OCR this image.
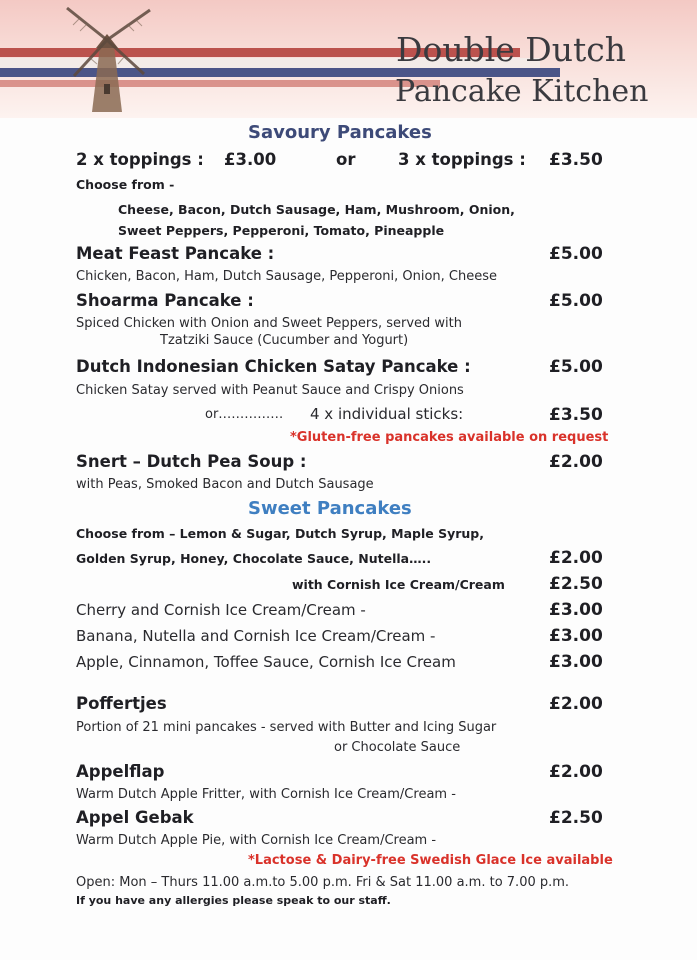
Double Dutch
Pancake Kitchen
Savoury Pancakes
2 x toppings : £3.00	or	3 x toppings : £3.50
Choose from -
Cheese, Bacon, Dutch Sausage, Ham, Mushroom, Onion,
Sweet Peppers, Pepperoni, Tomato, Pineapple
Meat Feast Pancake :	£5.00
Chicken, Bacon, Ham, Dutch Sausage, Pepperoni, Onion, Cheese
Shoarma Pancake :	£5.00
Spiced Chicken with Onion and Sweet Peppers, served with
Tzatziki Sauce (Cucumber and Yogurt)
Dutch Indonesian Chicken Satay Pancake :	£5.00
Chicken Satay served with Peanut Sauce and Crispy Onions
or…………… 4 x individual sticks:	£3.50
*Gluten-free pancakes available on request
Snert – Dutch Pea Soup :	£2.00
with Peas, Smoked Bacon and Dutch Sausage
Sweet Pancakes
Choose from – Lemon & Sugar, Dutch Syrup, Maple Syrup,
Golden Syrup, Honey, Chocolate Sauce, Nutella…..	£2.00
with Cornish Ice Cream/Cream	£2.50
Cherry and Cornish Ice Cream/Cream -	£3.00
Banana, Nutella and Cornish Ice Cream/Cream -	£3.00
Apple, Cinnamon, Toffee Sauce, Cornish Ice Cream	£3.00
Poffertjes	£2.00
Portion of 21 mini pancakes - served with Butter and Icing Sugar
or Chocolate Sauce
Appelflap	£2.00
Warm Dutch Apple Fritter, with Cornish Ice Cream/Cream -
Appel Gebak	£2.50
Warm Dutch Apple Pie, with Cornish Ice Cream/Cream -
*Lactose & Dairy-free Swedish Glace Ice available
Open: Mon – Thurs 11.00 a.m.to 5.00 p.m. Fri & Sat 11.00 a.m. to 7.00 p.m.
If you have any allergies please speak to our staff.
